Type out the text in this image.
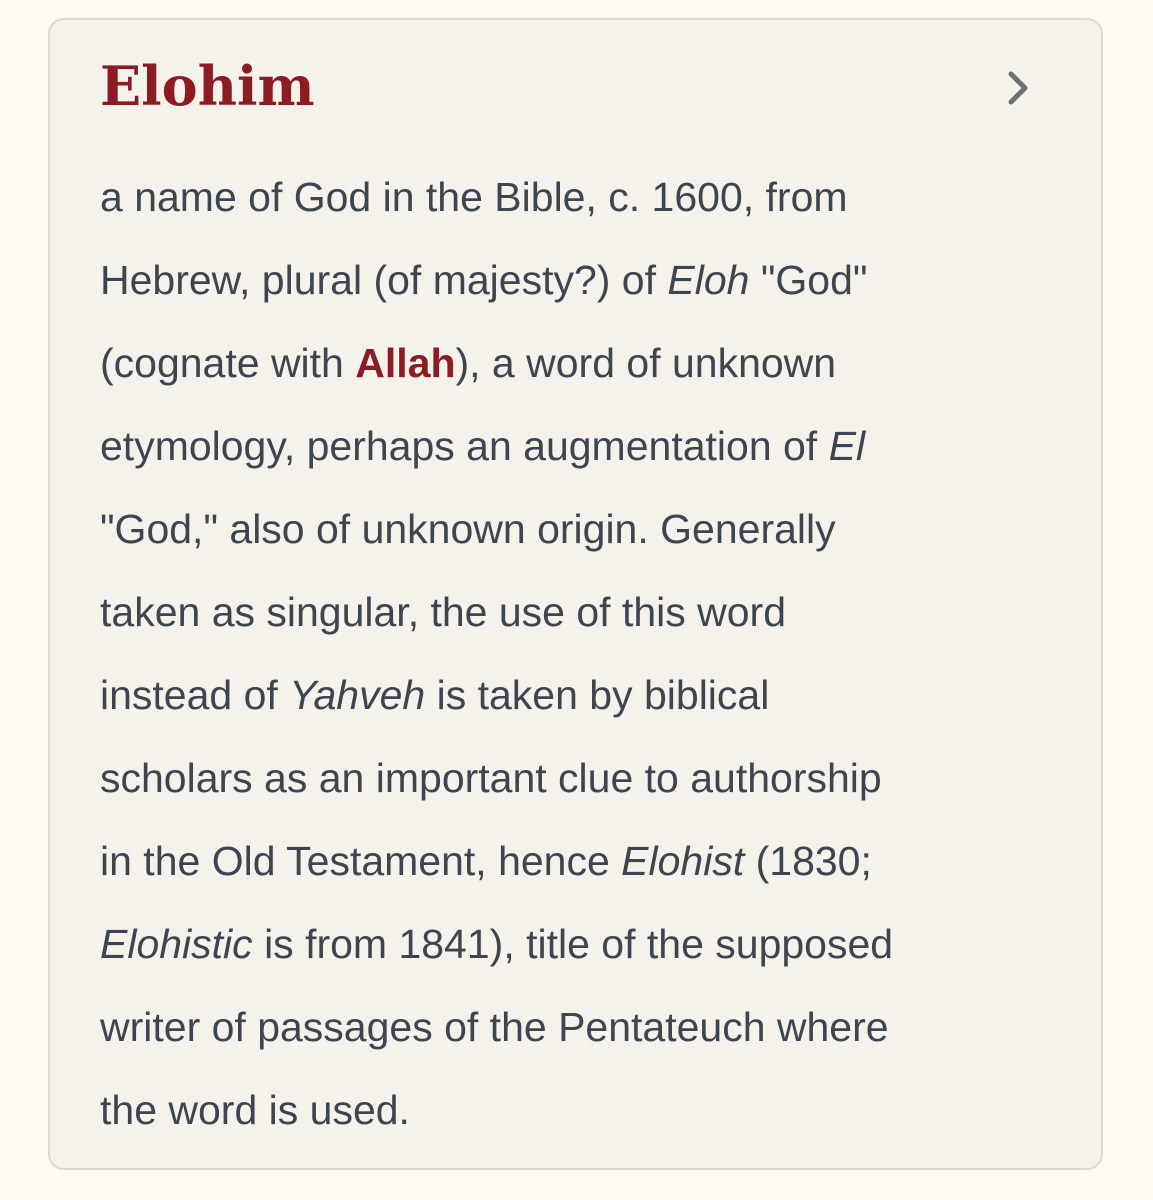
Elohim
a name of God in the Bible, c. 1600, from
Hebrew, plural (of majesty?) of Eloh "God"
(cognate with Allah), a word of unknown
etymology, perhaps an augmentation of El
"God," also of unknown origin. Generally
taken as singular, the use of this word
instead of Yahveh is taken by biblical
scholars as an important clue to authorship
in the Old Testament, hence Elohist (1830;
Elohistic is from 1841), title of the supposed
writer of passages of the Pentateuch where
the word is used.
